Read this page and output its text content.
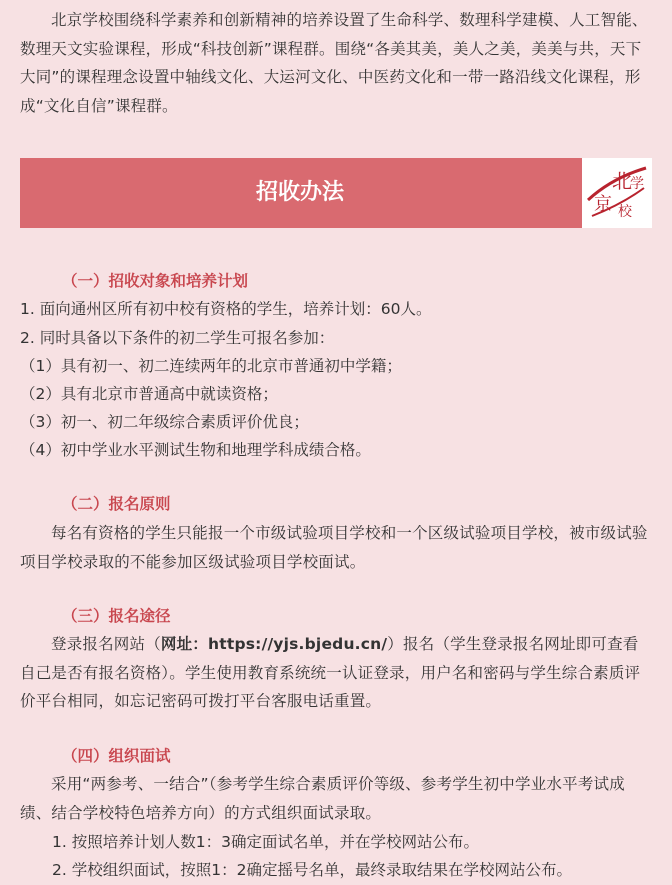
北京学校围绕科学素养和创新精神的培养设置了生命科学、数理科学建模、人工智能、数理天文实验课程，形成“科技创新”课程群。围绕“各美其美，美人之美，美美与共，天下大同”的课程理念设置中轴线文化、大运河文化、中医药文化和一带一路沿线文化课程，形成“文化自信”课程群。

招收办法	北
京
学
校

（一）招收对象和培养计划

1. 面向通州区所有初中校有资格的学生，培养计划：60人。

2. 同时具备以下条件的初二学生可报名参加：

（1）具有初一、初二连续两年的北京市普通初中学籍；

（2）具有北京市普通高中就读资格；

（3）初一、初二年级综合素质评价优良；

（4）初中学业水平测试生物和地理学科成绩合格。

（二）报名原则

每名有资格的学生只能报一个市级试验项目学校和一个区级试验项目学校，被市级试验项目学校录取的不能参加区级试验项目学校面试。

（三）报名途径

登录报名网站（网址：https://yjs.bjedu.cn/）报名（学生登录报名网址即可查看自己是否有报名资格）。学生使用教育系统统一认证登录，用户名和密码与学生综合素质评价平台相同，如忘记密码可拨打平台客服电话重置。

（四）组织面试

采用“两参考、一结合”（参考学生综合素质评价等级、参考学生初中学业水平考试成绩、结合学校特色培养方向）的方式组织面试录取。

1. 按照培养计划人数1：3确定面试名单，并在学校网站公布。

2. 学校组织面试，按照1：2确定摇号名单，最终录取结果在学校网站公布。
